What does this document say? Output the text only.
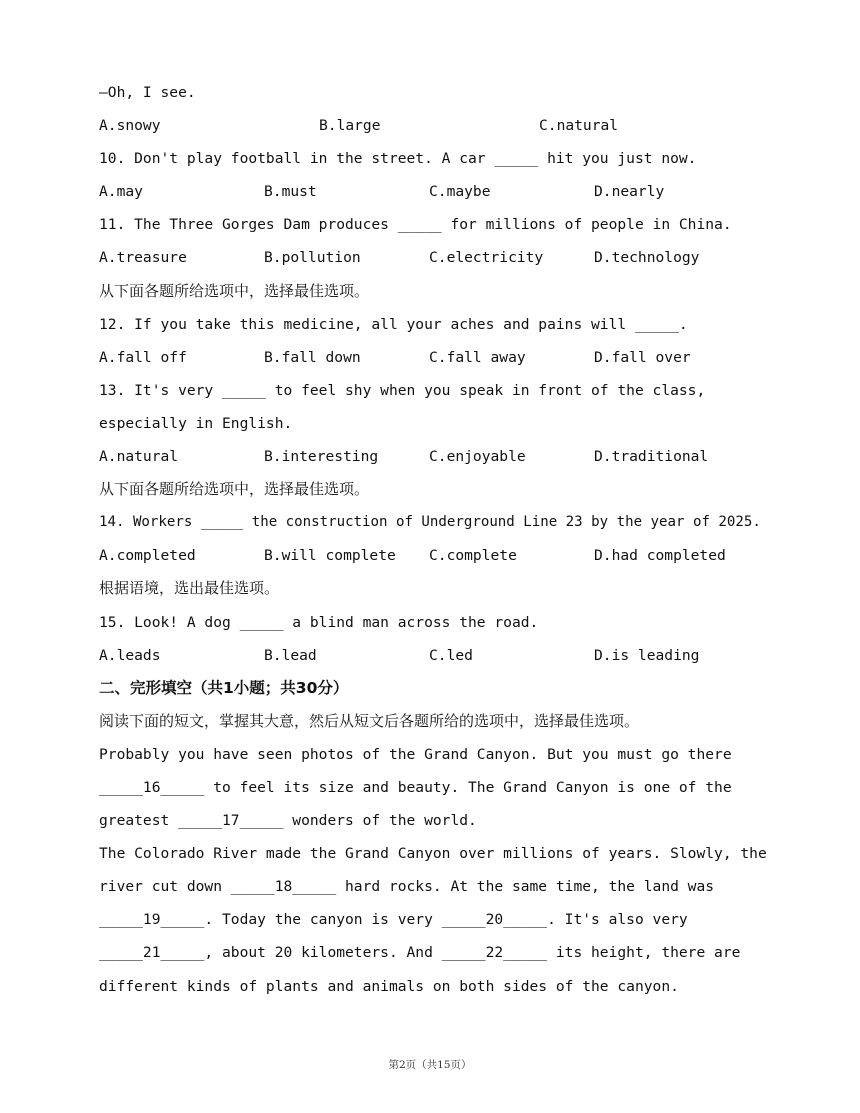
—Oh, I see.
A.snowy	B.large	C.natural
10. Don't play football in the street. A car _____ hit you just now.
A.may	B.must	C.maybe	D.nearly
11. The Three Gorges Dam produces _____ for millions of people in China.
A.treasure	B.pollution	C.electricity	D.technology
从下面各题所给选项中，选择最佳选项。
12. If you take this medicine, all your aches and pains will _____.
A.fall off	B.fall down	C.fall away	D.fall over
13. It's very _____ to feel shy when you speak in front of the class,
especially in English.
A.natural	B.interesting	C.enjoyable	D.traditional
从下面各题所给选项中，选择最佳选项。
14. Workers _____ the construction of Underground Line 23 by the year of 2025.
A.completed	B.will complete C.complete	D.had completed
根据语境，选出最佳选项。
15. Look! A dog _____ a blind man across the road.
A.leads	B.lead	C.led	D.is leading
二、完形填空（共1小题；共30分）
阅读下面的短文，掌握其大意，然后从短文后各题所给的选项中，选择最佳选项。
Probably you have seen photos of the Grand Canyon. But you must go there
_____16_____ to feel its size and beauty. The Grand Canyon is one of the
greatest _____17_____ wonders of the world.
The Colorado River made the Grand Canyon over millions of years. Slowly, the
river cut down _____18_____ hard rocks. At the same time, the land was
_____19_____. Today the canyon is very _____20_____. It's also very
_____21_____, about 20 kilometers. And _____22_____ its height, there are
different kinds of plants and animals on both sides of the canyon.
第2页（共15页）
